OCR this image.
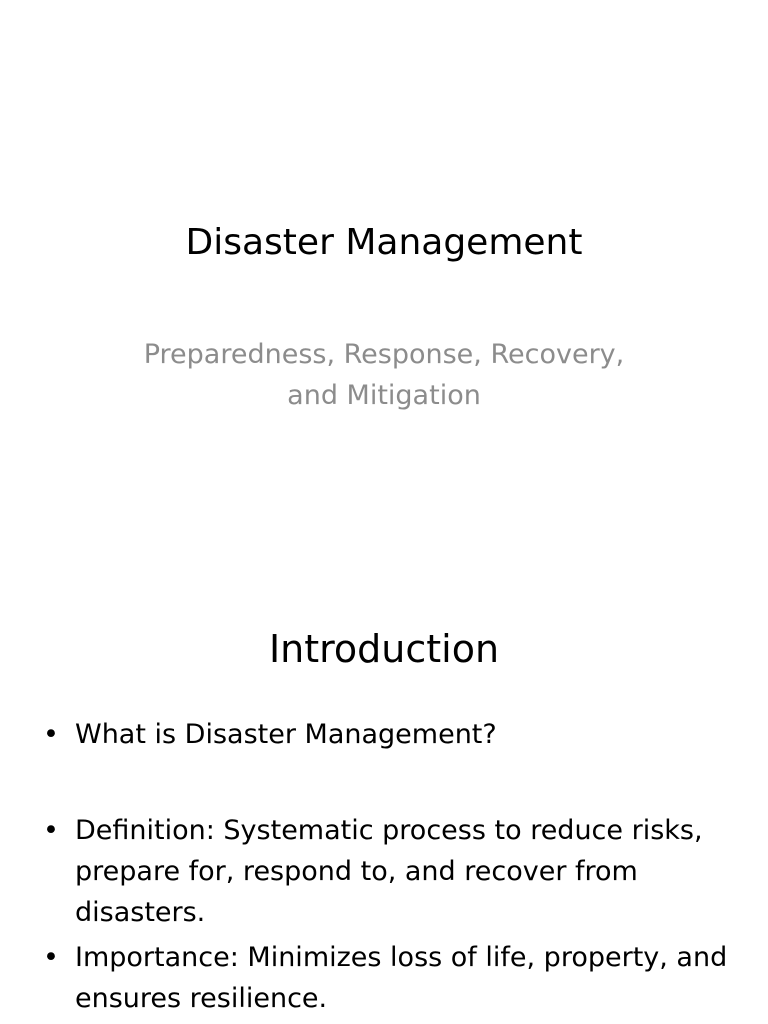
Disaster Management

Preparedness, Response, Recovery, and Mitigation

Introduction
• What is Disaster Management?
• Definition: Systematic process to reduce risks, prepare for, respond to, and recover from disasters.
• Importance: Minimizes loss of life, property, and ensures resilience.
